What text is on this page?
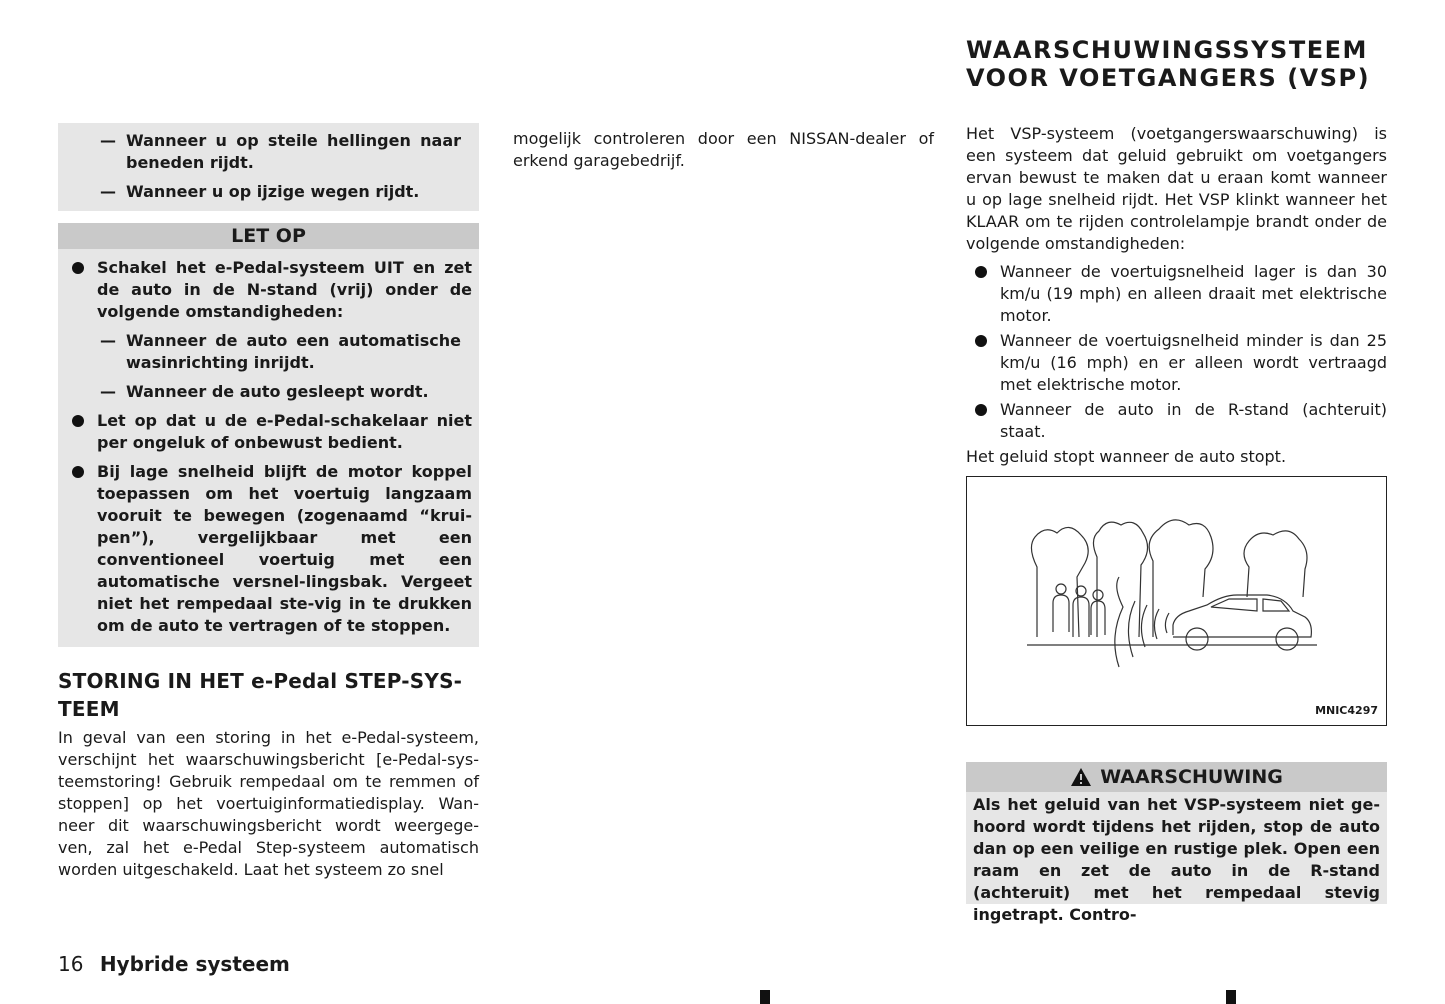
— Wanneer u op steile hellingen naar beneden rijdt.
— Wanneer u op ijzige wegen rijdt.
LET OP
Schakel het e-Pedal-systeem UIT en zet de auto in de N-stand (vrij) onder de volgende omstandigheden:
— Wanneer de auto een automatische wasinrichting inrijdt.
— Wanneer de auto gesleept wordt.
Let op dat u de e-Pedal-schakelaar niet per ongeluk of onbewust bedient.
Bij lage snelheid blijft de motor koppel toepassen om het voertuig langzaam vooruit te bewegen (zogenaamd “krui-pen”), vergelijkbaar met een conventioneel voertuig met een automatische versnel-lingsbak. Vergeet niet het rempedaal ste-vig in te drukken om de auto te vertragen of te stoppen.
STORING IN HET e-Pedal STEP-SYS-TEEM
In geval van een storing in het e-Pedal-systeem, verschijnt het waarschuwingsbericht [e-Pedal-sys-teemstoring! Gebruik rempedaal om te remmen of stoppen] op het voertuiginformatiedisplay. Wan-neer dit waarschuwingsbericht wordt weergege-ven, zal het e-Pedal Step-systeem automatisch worden uitgeschakeld. Laat het systeem zo snel
mogelijk controleren door een NISSAN-dealer of erkend garagebedrijf.
WAARSCHUWINGSSYSTEEM
VOOR VOETGANGERS (VSP)
Het VSP-systeem (voetgangerswaarschuwing) is een systeem dat geluid gebruikt om voetgangers ervan bewust te maken dat u eraan komt wanneer u op lage snelheid rijdt. Het VSP klinkt wanneer het KLAAR om te rijden controlelampje brandt onder de volgende omstandigheden:
Wanneer de voertuigsnelheid lager is dan 30 km/u (19 mph) en alleen draait met elektrische motor.
Wanneer de voertuigsnelheid minder is dan 25 km/u (16 mph) en er alleen wordt vertraagd met elektrische motor.
Wanneer de auto in de R-stand (achteruit) staat.
Het geluid stopt wanneer de auto stopt.
MNIC4297
WAARSCHUWING
Als het geluid van het VSP-systeem niet ge-hoord wordt tijdens het rijden, stop de auto dan op een veilige en rustige plek. Open een raam en zet de auto in de R-stand (achteruit) met het rempedaal stevig ingetrapt. Contro-
16 Hybride systeem
